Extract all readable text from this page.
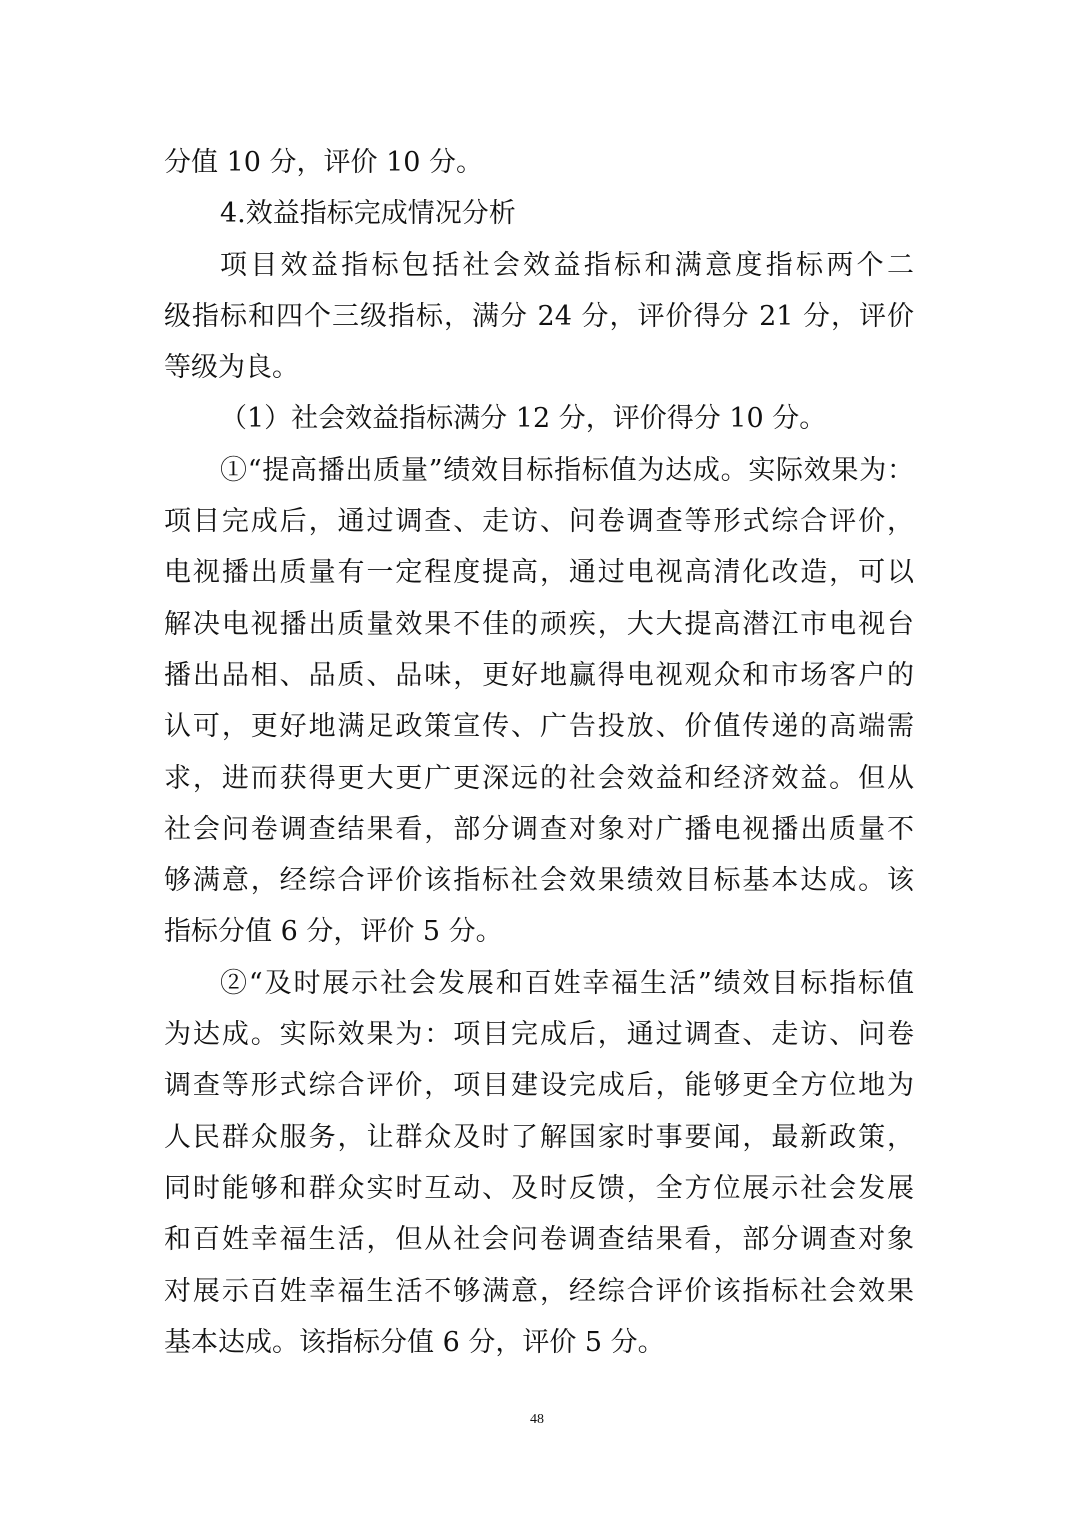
分值 10 分，评价 10 分。
4.效益指标完成情况分析
项目效益指标包括社会效益指标和满意度指标两个二
级指标和四个三级指标，满分 24 分，评价得分 21 分，评价
等级为良。
（1）社会效益指标满分 12 分，评价得分 10 分。
①“提高播出质量”绩效目标指标值为达成。实际效果为：
项目完成后，通过调查、走访、问卷调查等形式综合评价，
电视播出质量有一定程度提高，通过电视高清化改造，可以
解决电视播出质量效果不佳的顽疾，大大提高潜江市电视台
播出品相、品质、品味，更好地赢得电视观众和市场客户的
认可，更好地满足政策宣传、广告投放、价值传递的高端需
求，进而获得更大更广更深远的社会效益和经济效益。但从
社会问卷调查结果看，部分调查对象对广播电视播出质量不
够满意，经综合评价该指标社会效果绩效目标基本达成。该
指标分值 6 分，评价 5 分。
②“及时展示社会发展和百姓幸福生活”绩效目标指标值
为达成。实际效果为：项目完成后，通过调查、走访、问卷
调查等形式综合评价，项目建设完成后，能够更全方位地为
人民群众服务，让群众及时了解国家时事要闻，最新政策，
同时能够和群众实时互动、及时反馈，全方位展示社会发展
和百姓幸福生活，但从社会问卷调查结果看，部分调查对象
对展示百姓幸福生活不够满意，经综合评价该指标社会效果
基本达成。该指标分值 6 分，评价 5 分。
48
